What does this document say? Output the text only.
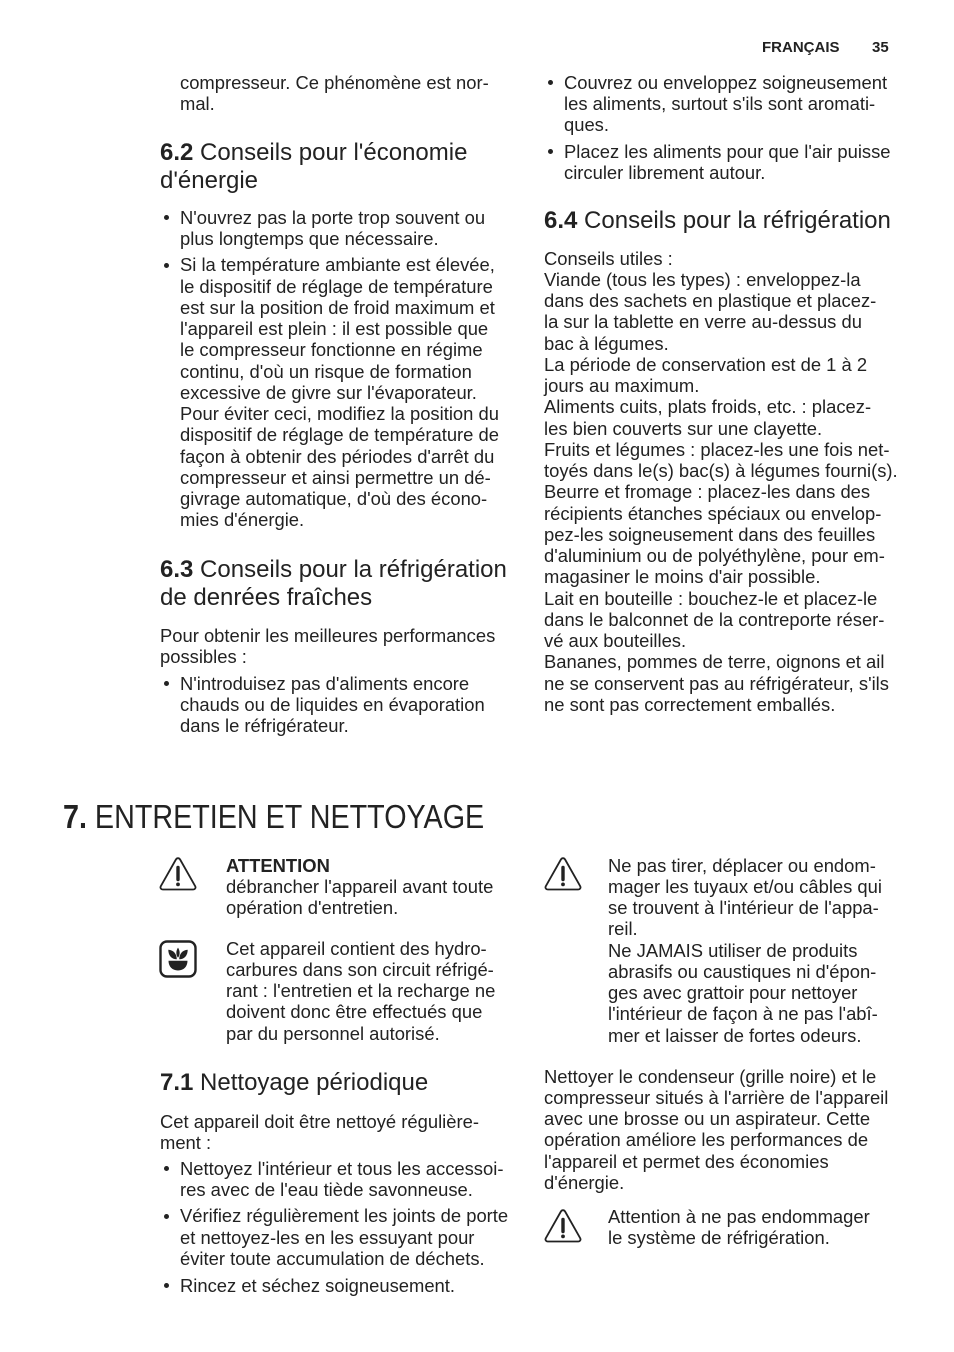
FRANÇAIS 35
compresseur. Ce phénomène est nor-
mal.
6.2 Conseils pour l'économie
d'énergie
N'ouvrez pas la porte trop souvent ou
plus longtemps que nécessaire.
Si la température ambiante est élevée,
le dispositif de réglage de température
est sur la position de froid maximum et
l'appareil est plein : il est possible que
le compresseur fonctionne en régime
continu, d'où un risque de formation
excessive de givre sur l'évaporateur.
Pour éviter ceci, modifiez la position du
dispositif de réglage de température de
façon à obtenir des périodes d'arrêt du
compresseur et ainsi permettre un dé-
givrage automatique, d'où des écono-
mies d'énergie.
6.3 Conseils pour la réfrigération
de denrées fraîches
Pour obtenir les meilleures performances
possibles :
N'introduisez pas d'aliments encore
chauds ou de liquides en évaporation
dans le réfrigérateur.
Couvrez ou enveloppez soigneusement
les aliments, surtout s'ils sont aromati-
ques.
Placez les aliments pour que l'air puisse
circuler librement autour.
6.4 Conseils pour la réfrigération
Conseils utiles :
Viande (tous les types) : enveloppez-la
dans des sachets en plastique et placez-
la sur la tablette en verre au-dessus du
bac à légumes.
La période de conservation est de 1 à 2
jours au maximum.
Aliments cuits, plats froids, etc. : placez-
les bien couverts sur une clayette.
Fruits et légumes : placez-les une fois net-
toyés dans le(s) bac(s) à légumes fourni(s).
Beurre et fromage : placez-les dans des
récipients étanches spéciaux ou envelop-
pez-les soigneusement dans des feuilles
d'aluminium ou de polyéthylène, pour em-
magasiner le moins d'air possible.
Lait en bouteille : bouchez-le et placez-le
dans le balconnet de la contreporte réser-
vé aux bouteilles.
Bananes, pommes de terre, oignons et ail
ne se conservent pas au réfrigérateur, s'ils
ne sont pas correctement emballés.
7. ENTRETIEN ET NETTOYAGE
ATTENTION
débrancher l'appareil avant toute
opération d'entretien.
Cet appareil contient des hydro-
carbures dans son circuit réfrigé-
rant : l'entretien et la recharge ne
doivent donc être effectués que
par du personnel autorisé.
7.1 Nettoyage périodique
Cet appareil doit être nettoyé régulière-
ment :
Nettoyez l'intérieur et tous les accessoi-
res avec de l'eau tiède savonneuse.
Vérifiez régulièrement les joints de porte
et nettoyez-les en les essuyant pour
éviter toute accumulation de déchets.
Rincez et séchez soigneusement.
Ne pas tirer, déplacer ou endom-
mager les tuyaux et/ou câbles qui
se trouvent à l'intérieur de l'appa-
reil.
Ne JAMAIS utiliser de produits
abrasifs ou caustiques ni d'épon-
ges avec grattoir pour nettoyer
l'intérieur de façon à ne pas l'abî-
mer et laisser de fortes odeurs.
Nettoyer le condenseur (grille noire) et le
compresseur situés à l'arrière de l'appareil
avec une brosse ou un aspirateur. Cette
opération améliore les performances de
l'appareil et permet des économies
d'énergie.
Attention à ne pas endommager
le système de réfrigération.
